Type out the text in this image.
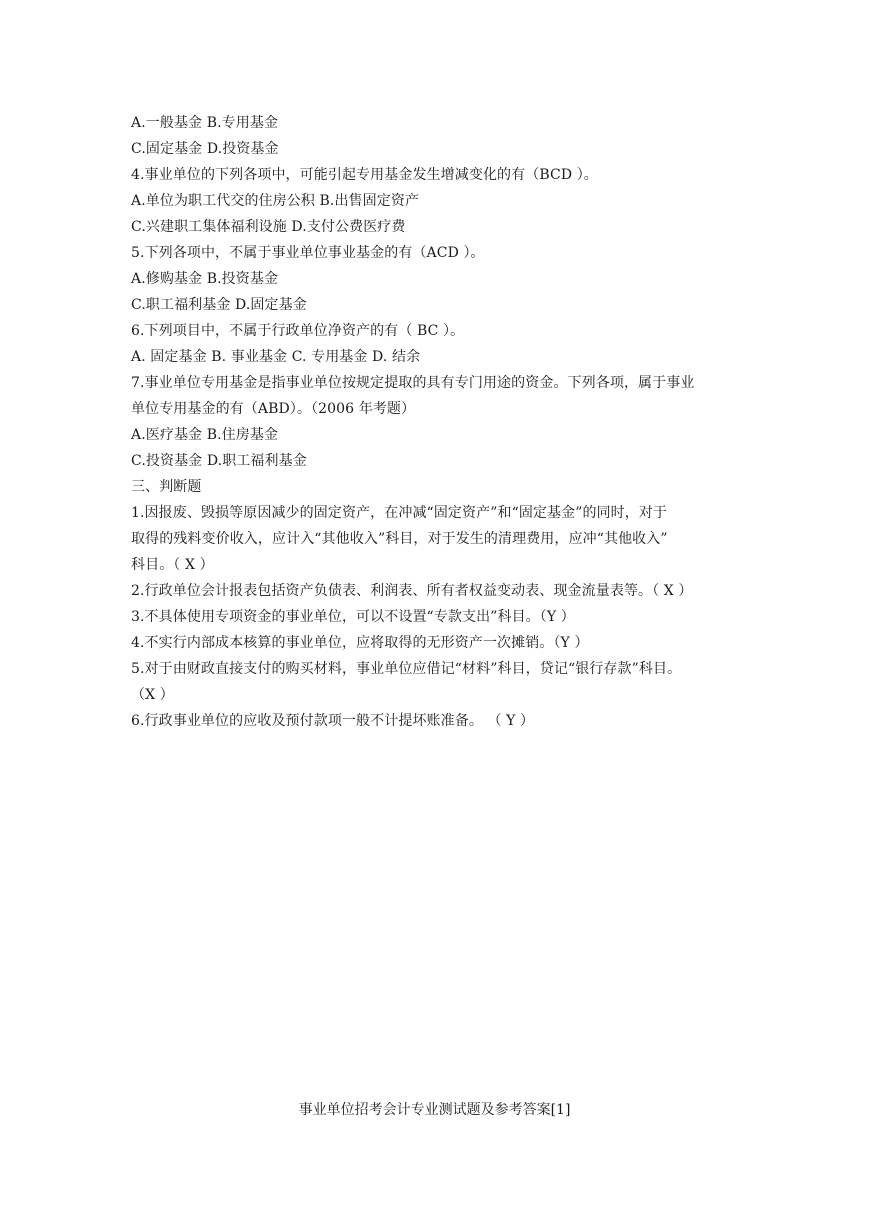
A.一般基金 B.专用基金
C.固定基金 D.投资基金
4.事业单位的下列各项中，可能引起专用基金发生增减变化的有（BCD ）。
A.单位为职工代交的住房公积 B.出售固定资产
C.兴建职工集体福利设施 D.支付公费医疗费
5.下列各项中，不属于事业单位事业基金的有（ACD ）。
A.修购基金 B.投资基金
C.职工福利基金 D.固定基金
6.下列项目中，不属于行政单位净资产的有（ BC ）。
A. 固定基金 B. 事业基金 C. 专用基金 D. 结余
7.事业单位专用基金是指事业单位按规定提取的具有专门用途的资金。下列各项，属于事业
单位专用基金的有（ABD）。（2006 年考题）
A.医疗基金 B.住房基金
C.投资基金 D.职工福利基金
三、判断题
1.因报废、毁损等原因减少的固定资产，在冲减“固定资产”和“固定基金”的同时，对于
取得的残料变价收入，应计入“其他收入”科目，对于发生的清理费用，应冲“其他收入”
科目。（ X ）
2.行政单位会计报表包括资产负债表、利润表、所有者权益变动表、现金流量表等。（ X ）
3.不具体使用专项资金的事业单位，可以不设置“专款支出”科目。（Y ）
4.不实行内部成本核算的事业单位，应将取得的无形资产一次摊销。（Y ）
5.对于由财政直接支付的购买材料，事业单位应借记“材料”科目，贷记“银行存款”科目。
（X ）
6.行政事业单位的应收及预付款项一般不计提坏账准备。 （ Y ）
事业单位招考会计专业测试题及参考答案[1]
